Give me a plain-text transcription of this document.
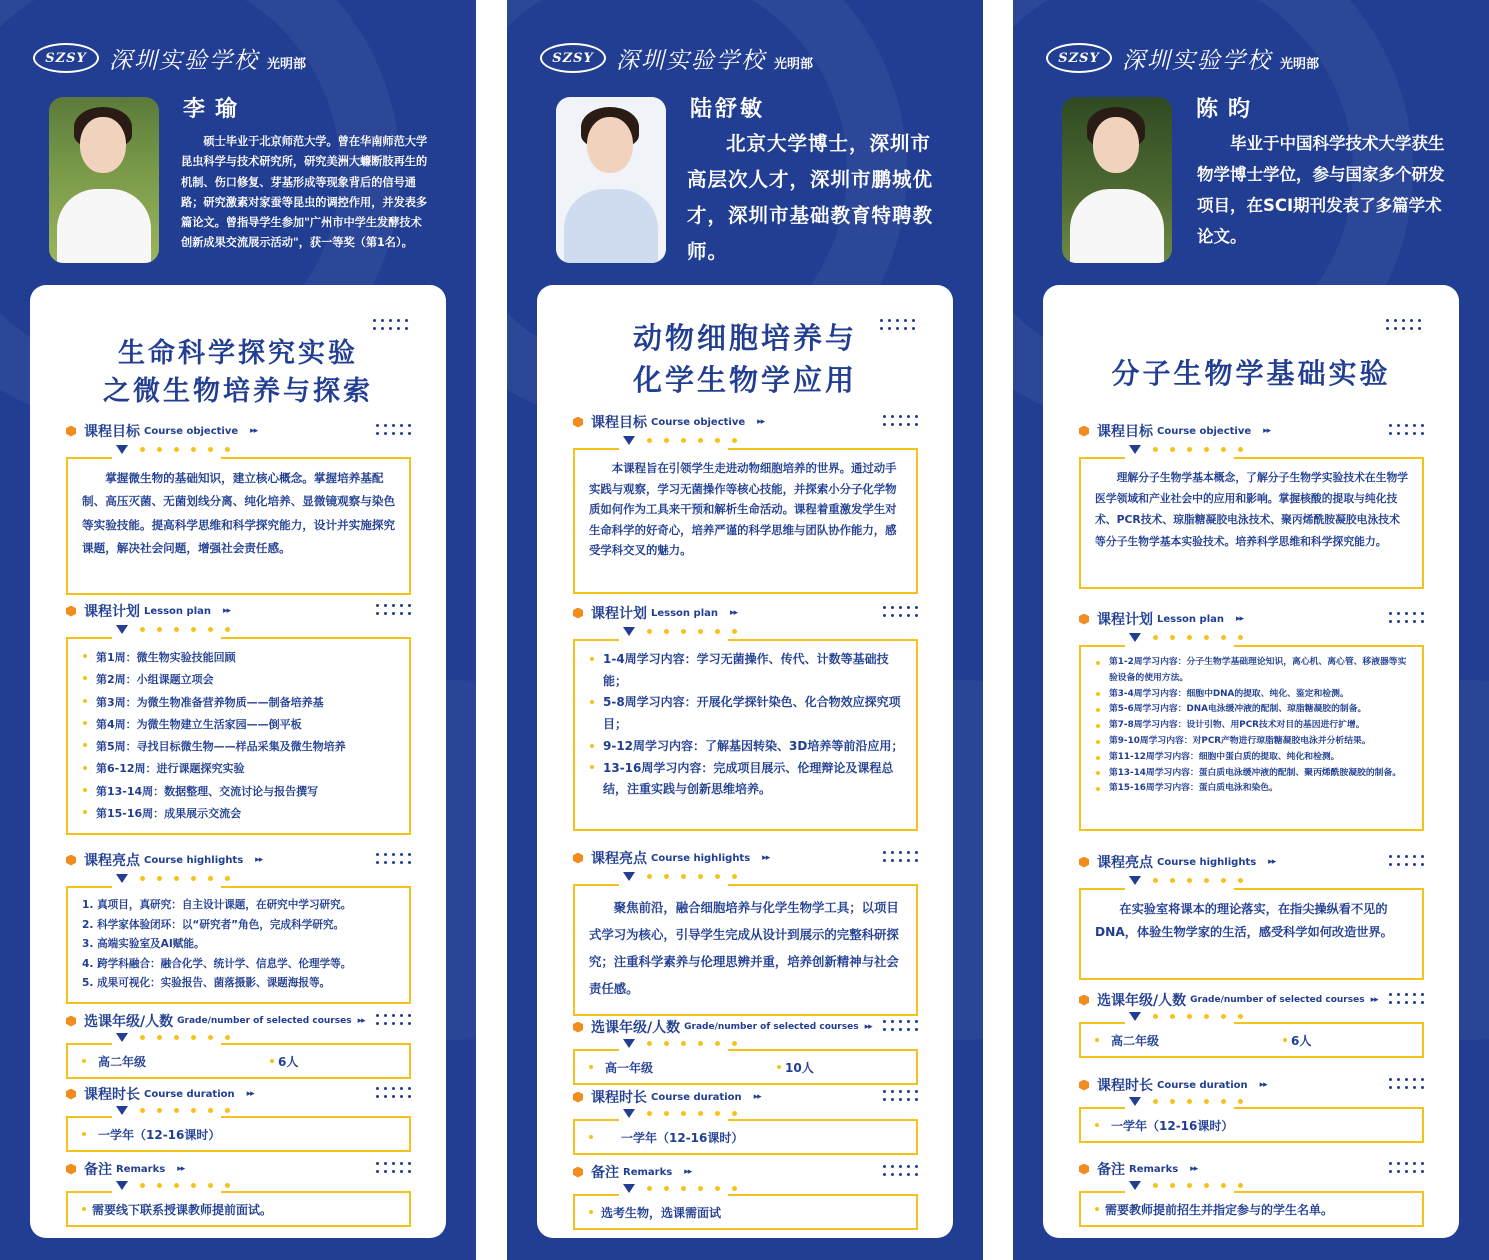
SZSY 深圳实验学校 光明部
李瑜
硕士毕业于北京师范大学。曾在华南师范大学昆虫科学与技术研究所，研究美洲大蠊断肢再生的机制、伤口修复、芽基形成等现象背后的信号通路；研究激素对家蚕等昆虫的调控作用，并发表多篇论文。曾指导学生参加"广州市中学生发酵技术创新成果交流展示活动"，获一等奖（第1名）。
生命科学探究实验
之微生物培养与探索
课程目标 Course objective ▸▸
掌握微生物的基础知识，建立核心概念。掌握培养基配制、高压灭菌、无菌划线分离、纯化培养、显微镜观察与染色等实验技能。提高科学思维和科学探究能力，设计并实施探究课题，解决社会问题，增强社会责任感。
课程计划 Lesson plan ▸▸
第1周：微生物实验技能回顾
第2周：小组课题立项会
第3周：为微生物准备营养物质——制备培养基
第4周：为微生物建立生活家园——倒平板
第5周：寻找目标微生物——样品采集及微生物培养
第6-12周：进行课题探究实验
第13-14周：数据整理、交流讨论与报告撰写
第15-16周：成果展示交流会
课程亮点 Course highlights ▸▸
1. 真项目，真研究：自主设计课题，在研究中学习研究。
2. 科学家体验闭环：以“研究者”角色，完成科学研究。
3. 高端实验室及AI赋能。
4. 跨学科融合：融合化学、统计学、信息学、伦理学等。
5. 成果可视化：实验报告、菌落摄影、课题海报等。
选课年级/人数 Grade/number of selected courses ▸▸
高二年级	6人
课程时长 Course duration ▸▸
一学年（12-16课时）
备注 Remarks ▸▸
需要线下联系授课教师提前面试。
SZSY 深圳实验学校 光明部
陆舒敏
北京大学博士，深圳市高层次人才，深圳市鹏城优才，深圳市基础教育特聘教师。
动物细胞培养与
化学生物学应用
课程目标 Course objective ▸▸
本课程旨在引领学生走进动物细胞培养的世界。通过动手实践与观察，学习无菌操作等核心技能，并探索小分子化学物质如何作为工具来干预和解析生命活动。课程着重激发学生对生命科学的好奇心，培养严谨的科学思维与团队协作能力，感受学科交叉的魅力。
课程计划 Lesson plan ▸▸
1-4周学习内容：学习无菌操作、传代、计数等基础技能；
5-8周学习内容：开展化学探针染色、化合物效应探究项目；
9-12周学习内容：了解基因转染、3D培养等前沿应用；
13-16周学习内容：完成项目展示、伦理辩论及课程总结，注重实践与创新思维培养。
课程亮点 Course highlights ▸▸
聚焦前沿，融合细胞培养与化学生物学工具；以项目式学习为核心，引导学生完成从设计到展示的完整科研探究；注重科学素养与伦理思辨并重，培养创新精神与社会责任感。
选课年级/人数 Grade/number of selected courses ▸▸
高一年级	10人
课程时长 Course duration ▸▸
一学年（12-16课时）
备注 Remarks ▸▸
选考生物，选课需面试
SZSY 深圳实验学校 光明部
陈昀
毕业于中国科学技术大学获生物学博士学位，参与国家多个研发项目，在SCI期刊发表了多篇学术论文。
分子生物学基础实验
课程目标 Course objective ▸▸
理解分子生物学基本概念，了解分子生物学实验技术在生物学医学领域和产业社会中的应用和影响。掌握核酸的提取与纯化技术、PCR技术、琼脂糖凝胶电泳技术、聚丙烯酰胺凝胶电泳技术等分子生物学基本实验技术。培养科学思维和科学探究能力。
课程计划 Lesson plan ▸▸
第1-2周学习内容：分子生物学基础理论知识，离心机、离心管、移液器等实验设备的使用方法。
第3-4周学习内容：细胞中DNA的提取、纯化、鉴定和检测。
第5-6周学习内容：DNA电泳缓冲液的配制、琼脂糖凝胶的制备。
第7-8周学习内容：设计引物、用PCR技术对目的基因进行扩增。
第9-10周学习内容：对PCR产物进行琼脂糖凝胶电泳并分析结果。
第11-12周学习内容：细胞中蛋白质的提取、纯化和检测。
第13-14周学习内容：蛋白质电泳缓冲液的配制、聚丙烯酰胺凝胶的制备。
第15-16周学习内容：蛋白质电泳和染色。
课程亮点 Course highlights ▸▸
在实验室将课本的理论落实，在指尖操纵看不见的DNA，体验生物学家的生活，感受科学如何改造世界。
选课年级/人数 Grade/number of selected courses ▸▸
高二年级	6人
课程时长 Course duration ▸▸
一学年（12-16课时）
备注 Remarks ▸▸
需要教师提前招生并指定参与的学生名单。
